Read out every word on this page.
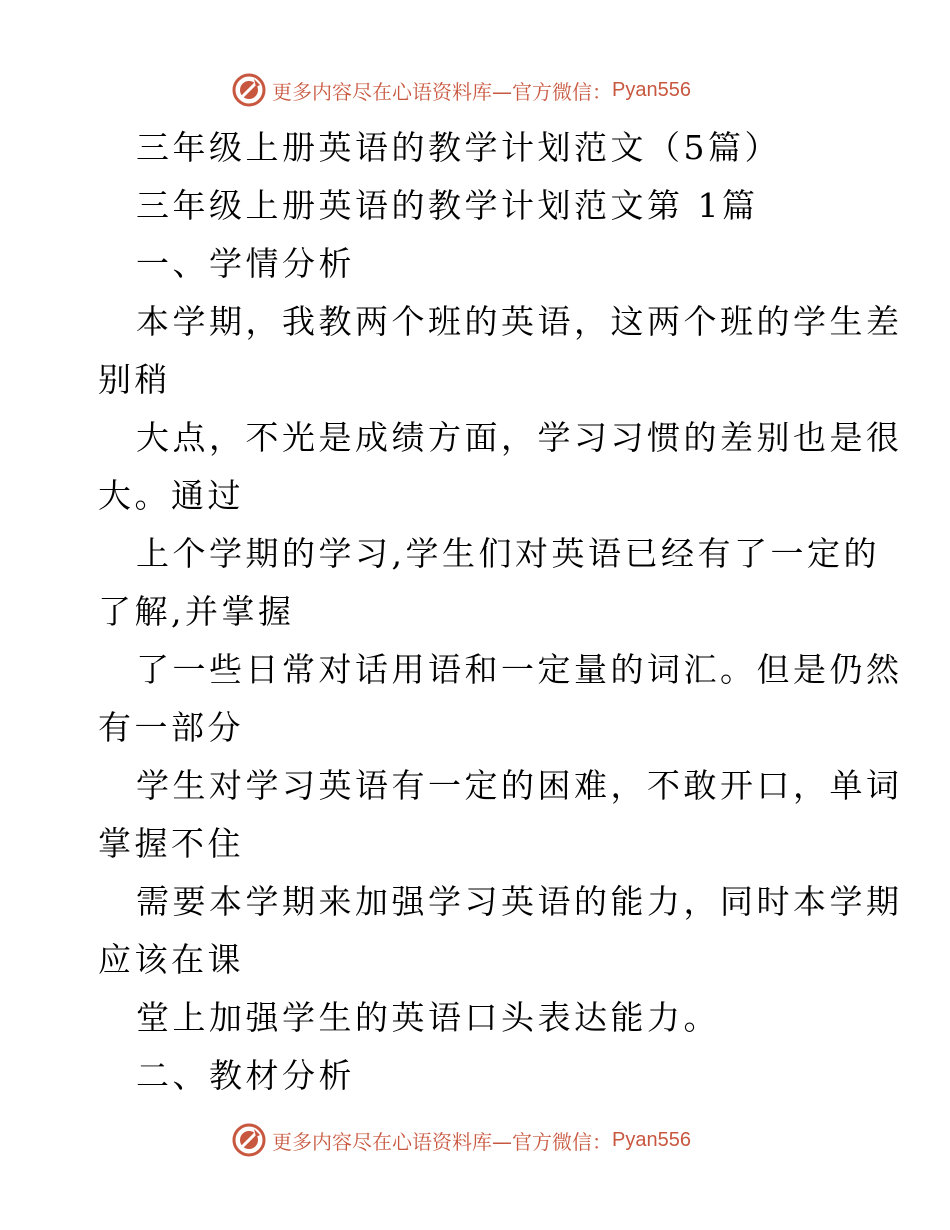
更多内容尽在心语资料库—官方微信： Pyan556
三年级上册英语的教学计划范文（5篇）
三年级上册英语的教学计划范文第 1篇
一、学情分析
本学期，我教两个班的英语，这两个班的学生差
别稍
大点，不光是成绩方面，学习习惯的差别也是很
大。通过
上个学期的学习,学生们对英语已经有了一定的
了解,并掌握
了一些日常对话用语和一定量的词汇。但是仍然
有一部分
学生对学习英语有一定的困难，不敢开口，单词
掌握不住
需要本学期来加强学习英语的能力，同时本学期
应该在课
堂上加强学生的英语口头表达能力。
二、教材分析
更多内容尽在心语资料库—官方微信： Pyan556
